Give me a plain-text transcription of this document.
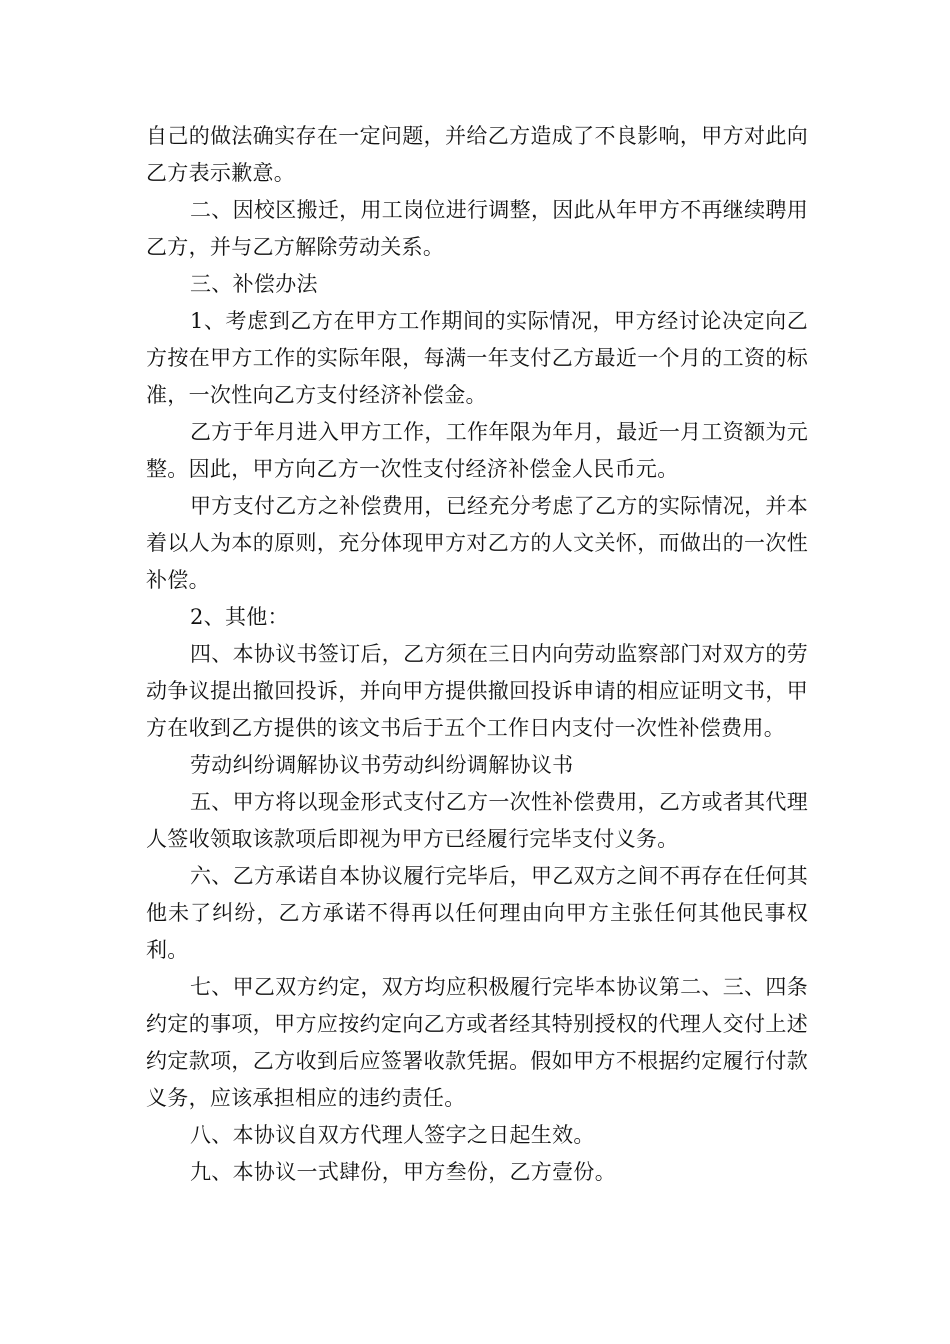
自己的做法确实存在一定问题，并给乙方造成了不良影响，甲方对此向乙方表示歉意。

二、因校区搬迁，用工岗位进行调整，因此从年甲方不再继续聘用乙方，并与乙方解除劳动关系。

三、补偿办法

1、考虑到乙方在甲方工作期间的实际情况，甲方经讨论决定向乙方按在甲方工作的实际年限，每满一年支付乙方最近一个月的工资的标准，一次性向乙方支付经济补偿金。

乙方于年月进入甲方工作，工作年限为年月，最近一月工资额为元整。因此，甲方向乙方一次性支付经济补偿金人民币元。

甲方支付乙方之补偿费用，已经充分考虑了乙方的实际情况，并本着以人为本的原则，充分体现甲方对乙方的人文关怀，而做出的一次性补偿。

2、其他：

四、本协议书签订后，乙方须在三日内向劳动监察部门对双方的劳动争议提出撤回投诉，并向甲方提供撤回投诉申请的相应证明文书，甲方在收到乙方提供的该文书后于五个工作日内支付一次性补偿费用。

劳动纠纷调解协议书劳动纠纷调解协议书

五、甲方将以现金形式支付乙方一次性补偿费用，乙方或者其代理人签收领取该款项后即视为甲方已经履行完毕支付义务。

六、乙方承诺自本协议履行完毕后，甲乙双方之间不再存在任何其他未了纠纷，乙方承诺不得再以任何理由向甲方主张任何其他民事权利。

七、甲乙双方约定，双方均应积极履行完毕本协议第二、三、四条约定的事项，甲方应按约定向乙方或者经其特别授权的代理人交付上述约定款项，乙方收到后应签署收款凭据。假如甲方不根据约定履行付款义务，应该承担相应的违约责任。

八、本协议自双方代理人签字之日起生效。

九、本协议一式肆份，甲方叁份，乙方壹份。
